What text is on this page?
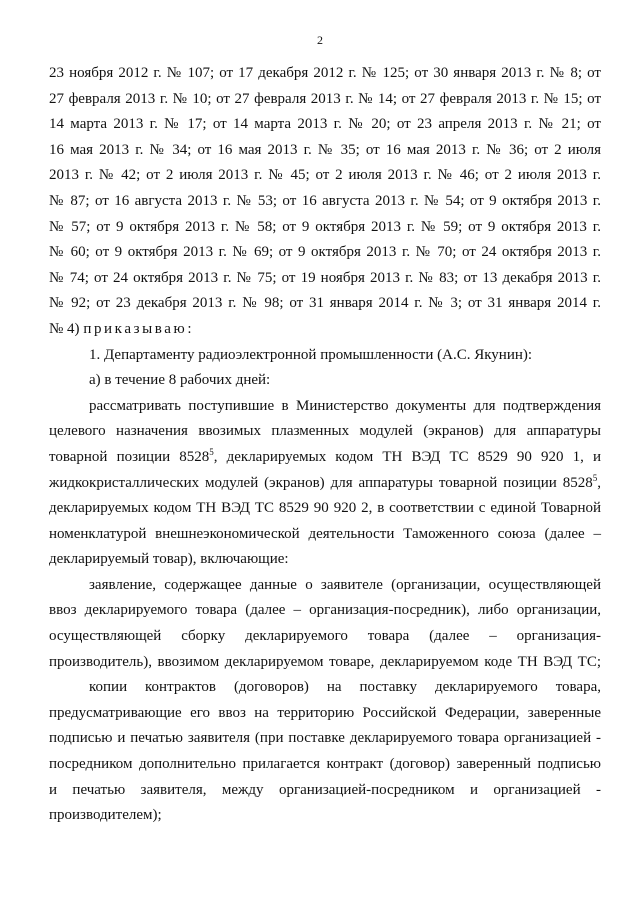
2
23 ноября 2012 г. № 107; от 17 декабря 2012 г. № 125; от 30 января 2013 г. № 8; от
27 февраля 2013 г. № 10; от 27 февраля 2013 г. № 14; от 27 февраля 2013 г. № 15; от
14 марта 2013 г. № 17; от 14 марта 2013 г. № 20; от 23 апреля 2013 г. № 21; от
16 мая 2013 г. № 34; от 16 мая 2013 г. № 35; от 16 мая 2013 г. № 36; от 2 июля
2013 г. № 42; от 2 июля 2013 г. № 45; от 2 июля 2013 г. № 46; от 2 июля 2013 г.
№ 87; от 16 августа 2013 г. № 53; от 16 августа 2013 г. № 54; от 9 октября 2013 г.
№ 57; от 9 октября 2013 г. № 58; от 9 октября 2013 г. № 59; от 9 октября 2013 г.
№ 60; от 9 октября 2013 г. № 69; от 9 октября 2013 г. № 70; от 24 октября 2013 г.
№ 74; от 24 октября 2013 г. № 75; от 19 ноября 2013 г. № 83; от 13 декабря 2013 г.
№ 92; от 23 декабря 2013 г. № 98; от 31 января 2014 г. № 3; от 31 января 2014 г.
№ 4) приказываю:
1. Департаменту радиоэлектронной промышленности (А.С. Якунин):
а) в течение 8 рабочих дней:
рассматривать поступившие в Министерство документы для подтверждения
целевого назначения ввозимых плазменных модулей (экранов) для аппаратуры
товарной позиции 8528$^5$, декларируемых кодом ТН ВЭД ТС 8529 90 920 1, и
жидкокристаллических модулей (экранов) для аппаратуры товарной позиции 8528$^5$,
декларируемых кодом ТН ВЭД ТС 8529 90 920 2, в соответствии с единой Товарной
номенклатурой внешнеэкономической деятельности Таможенного союза (далее –
декларируемый товар), включающие:
заявление, содержащее данные о заявителе (организации, осуществляющей
ввоз декларируемого товара (далее – организация-посредник), либо организации,
осуществляющей сборку декларируемого товара (далее – организация-
производитель), ввозимом декларируемом товаре, декларируемом коде ТН ВЭД ТС;
копии контрактов (договоров) на поставку декларируемого товара,
предусматривающие его ввоз на территорию Российской Федерации, заверенные
подписью и печатью заявителя (при поставке декларируемого товара организацией -
посредником дополнительно прилагается контракт (договор) заверенный подписью
и печатью заявителя, между организацией-посредником и организацией -
производителем);
